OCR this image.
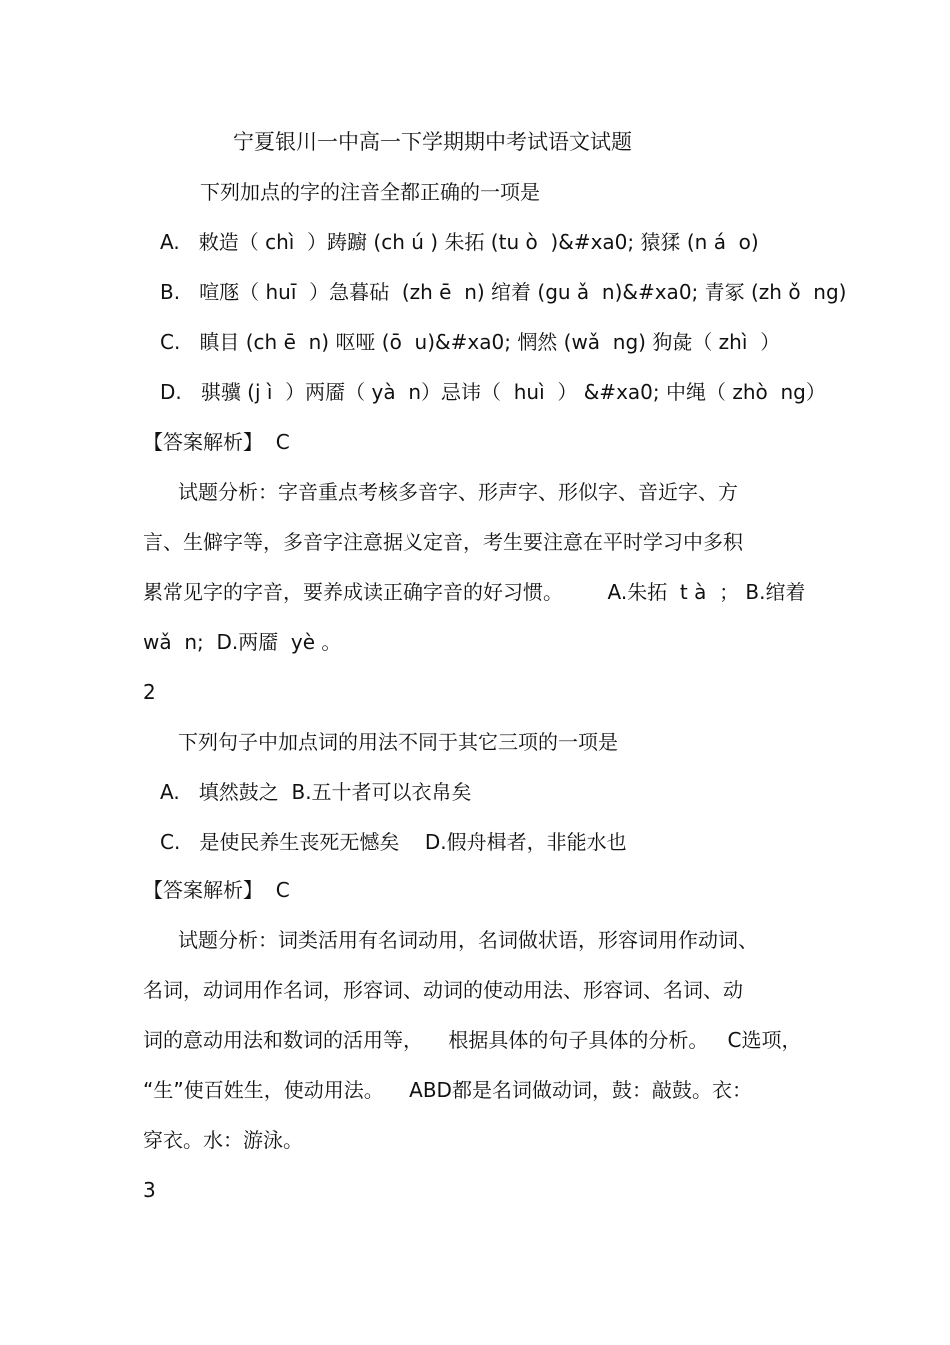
宁夏银川一中高一下学期期中考试语文试题
下列加点的字的注音全都正确的一项是
A.   敕造（ chì  ）踌躕 (ch ú ) 朱拓 (tu ò  )&#xa0; 猿猱 (n á  o)
B.   喧豗（ huī  ）急暮砧  (zh ē  n) 绾着 (gu ǎ  n)&#xa0; 青冢 (zh ǒ  ng)
C.   瞋目 (ch ē  n) 呕哑 (ō  u)&#xa0; 惘然 (wǎ  ng) 狗彘（ zhì  ）
D.   骐骥 (j ì  ）两靥（ yà  n）忌讳（  huì  ） &#xa0; 中绳（ zhò  ng）
【答案解析】  C
试题分析：字音重点考核多音字、形声字、形似字、音近字、方
言、生僻字等，多音字注意据义定音，考生要注意在平时学习中多积
累常见字的字音，要养成读正确字音的好习惯。       A.朱拓  t à  ； B.绾着
wǎ  n;  D.两靥  yè 。
2
下列句子中加点词的用法不同于其它三项的一项是
A.   填然鼓之  B.五十者可以衣帛矣
C.   是使民养生丧死无憾矣    D.假舟楫者，非能水也
【答案解析】  C
试题分析：词类活用有名词动用，名词做状语，形容词用作动词、
名词，动词用作名词，形容词、动词的使动用法、形容词、名词、动
词的意动用法和数词的活用等，    根据具体的句子具体的分析。   C选项，
“生”使百姓生，使动用法。    ABD都是名词做动词，鼓：敲鼓。衣：
穿衣。水：游泳。
3
